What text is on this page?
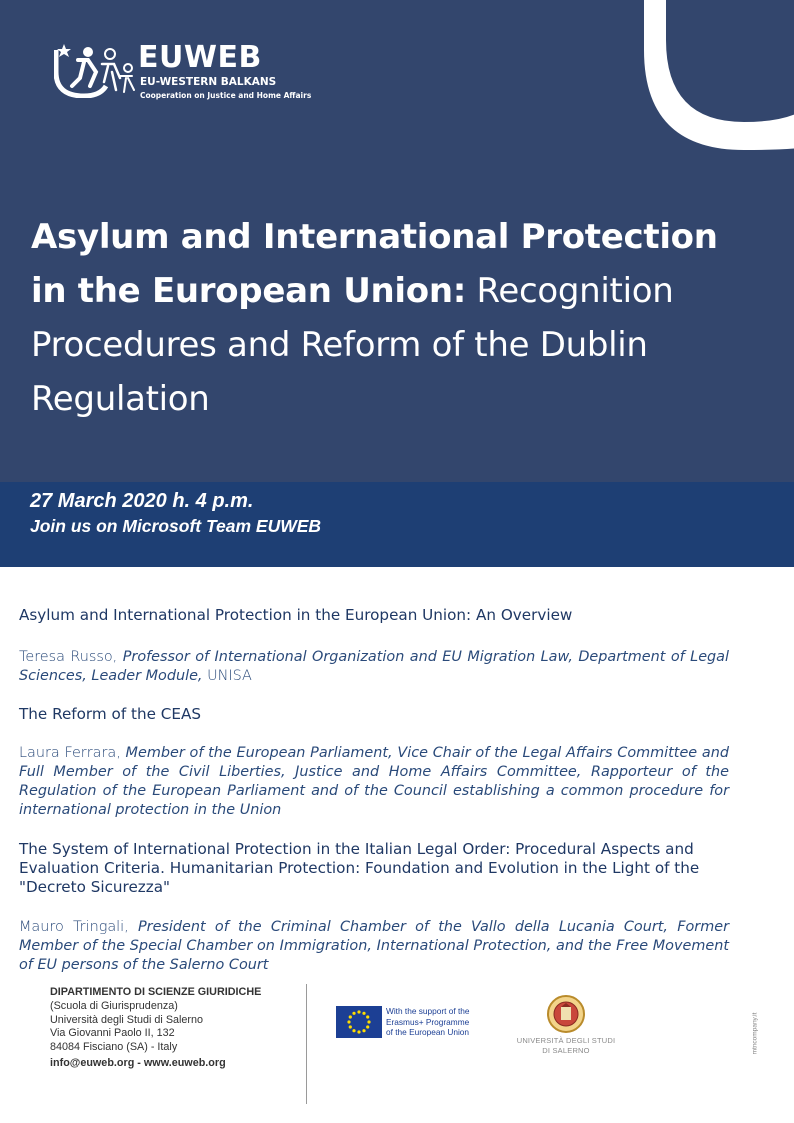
EUWEB
EU-WESTERN BALKANS
Cooperation on Justice and Home Affairs
Asylum and International Protection in the European Union: Recognition Procedures and Reform of the Dublin Regulation
27 March 2020 h. 4 p.m.
Join us on Microsoft Team EUWEB

Asylum and International Protection in the European Union: An Overview

Teresa Russo, Professor of International Organization and EU Migration Law, Department of Legal Sciences, Leader Module, UNISA

The Reform of the CEAS

Laura Ferrara, Member of the European Parliament, Vice Chair of the Legal Affairs Committee and Full Member of the Civil Liberties, Justice and Home Affairs Committee, Rapporteur of the Regulation of the European Parliament and of the Council establishing a common procedure for international protection in the Union

The System of International Protection in the Italian Legal Order: Procedural Aspects and Evaluation Criteria. Humanitarian Protection: Foundation and Evolution in the Light of the "Decreto Sicurezza"

Mauro Tringali, President of the Criminal Chamber of the Vallo della Lucania Court, Former Member of the Special Chamber on Immigration, International Protection, and the Free Movement of EU persons of the Salerno Court

DIPARTIMENTO DI SCIENZE GIURIDICHE
(Scuola di Giurisprudenza)
Università degli Studi di Salerno
Via Giovanni Paolo II, 132
84084 Fisciano (SA) - Italy
info@euweb.org - www.euweb.org
With the support of the
Erasmus+ Programme
of the European Union
UNIVERSITÀ DEGLI STUDI
DI SALERNO	mtncompany.it
